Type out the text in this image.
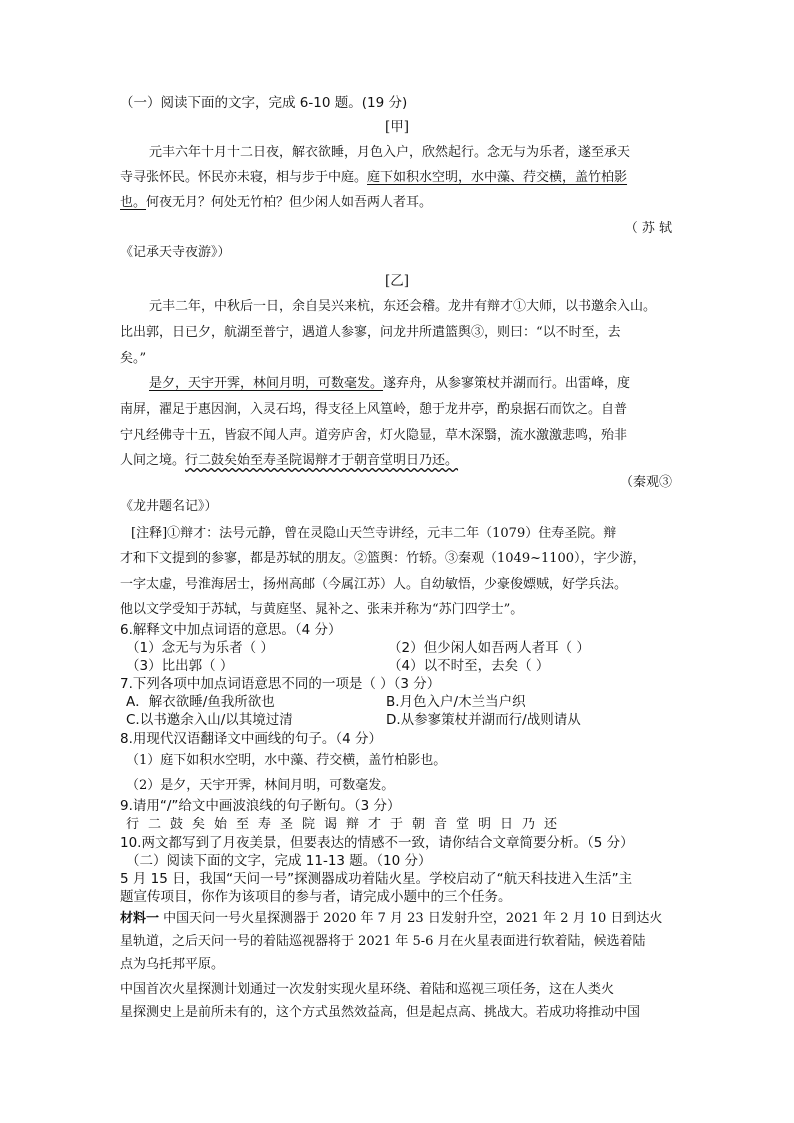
（一）阅读下面的文字，完成 6-10 题。(19 分)
[甲]
元丰六年十月十二日夜，解衣欲睡，月色入户，欣然起行。念无与为乐者，遂至承天
寺寻张怀民。怀民亦未寝，相与步于中庭。庭下如积水空明，水中藻、荇交横，盖竹柏影
也。何夜无月？何处无竹柏？但少闲人如吾两人者耳。
（ 苏 轼
《记承天寺夜游》）
[乙]
元丰二年，中秋后一日，余自吴兴来杭，东还会稽。龙井有辩才①大师，以书邀余入山。
比出郭，日已夕，航湖至普宁，遇道人参寥，问龙井所遣篮舆③，则曰：“以不时至，去
矣。”
是夕，天宇开霁，林间月明，可数毫发。遂弃舟，从参寥策杖并湖而行。出雷峰，度
南屏，濯足于惠因涧，入灵石坞，得支径上风篁岭，憩于龙井亭，酌泉据石而饮之。自普
宁凡经佛寺十五，皆寂不闻人声。道旁庐舍，灯火隐显，草木深翳，流水激激悲鸣，殆非
人间之境。行二鼓矣始至寿圣院谒辩才于朝音堂明日乃还。
（秦观③
《龙井题名记》）
[注释]①辩才：法号元静，曾在灵隐山天竺寺讲经，元丰二年（1079）住寿圣院。辩
才和下文提到的参寥，都是苏轼的朋友。②篮舆：竹轿。③秦观（1049~1100），字少游，
一字太虚，号淮海居士，扬州高邮（今属江苏）人。自幼敏悟，少豪俊嫖贼，好学兵法。
他以文学受知于苏轼，与黄庭坚、晁补之、张耒并称为“苏门四学士”。
6.解释文中加点词语的意思。（4 分）
（1）念无与为乐者（ ）	（2）但少闲人如吾两人者耳（ ）
（3）比出郭（ ）	（4）以不时至，去矣（ ）
7.下列各项中加点词语意思不同的一项是（ ）（3 分）
A．解衣欲睡/鱼我所欲也	B.月色入户/木兰当户织
C.以书邀余入山/以其境过清	D.从参寥策杖并湖而行/战则请从
8.用现代汉语翻译文中画线的句子。（4 分）
（1）庭下如积水空明，水中藻、荇交横，盖竹柏影也。
（2）是夕，天宇开霁，林间月明，可数毫发。
9.请用“/”给文中画波浪线的句子断句。（3 分）
行二鼓矣始至寿圣院谒辩才于朝音堂明日乃还
10.两文都写到了月夜美景，但要表达的情感不一致，请你结合文章简要分析。（5 分）
（二）阅读下面的文字，完成 11-13 题。（10 分）
5 月 15 日，我国“天问一号”探测器成功着陆火星。学校启动了“航天科技进入生活”主
题宣传项目，你作为该项目的参与者，请完成小题中的三个任务。
材料一 中国天问一号火星探测器于 2020 年 7 月 23 日发射升空，2021 年 2 月 10 日到达火
星轨道，之后天问一号的着陆巡视器将于 2021 年 5-6 月在火星表面进行软着陆，候选着陆
点为乌托邦平原。
中国首次火星探测计划通过一次发射实现火星环绕、着陆和巡视三项任务，这在人类火
星探测史上是前所未有的，这个方式虽然效益高，但是起点高、挑战大。若成功将推动中国
